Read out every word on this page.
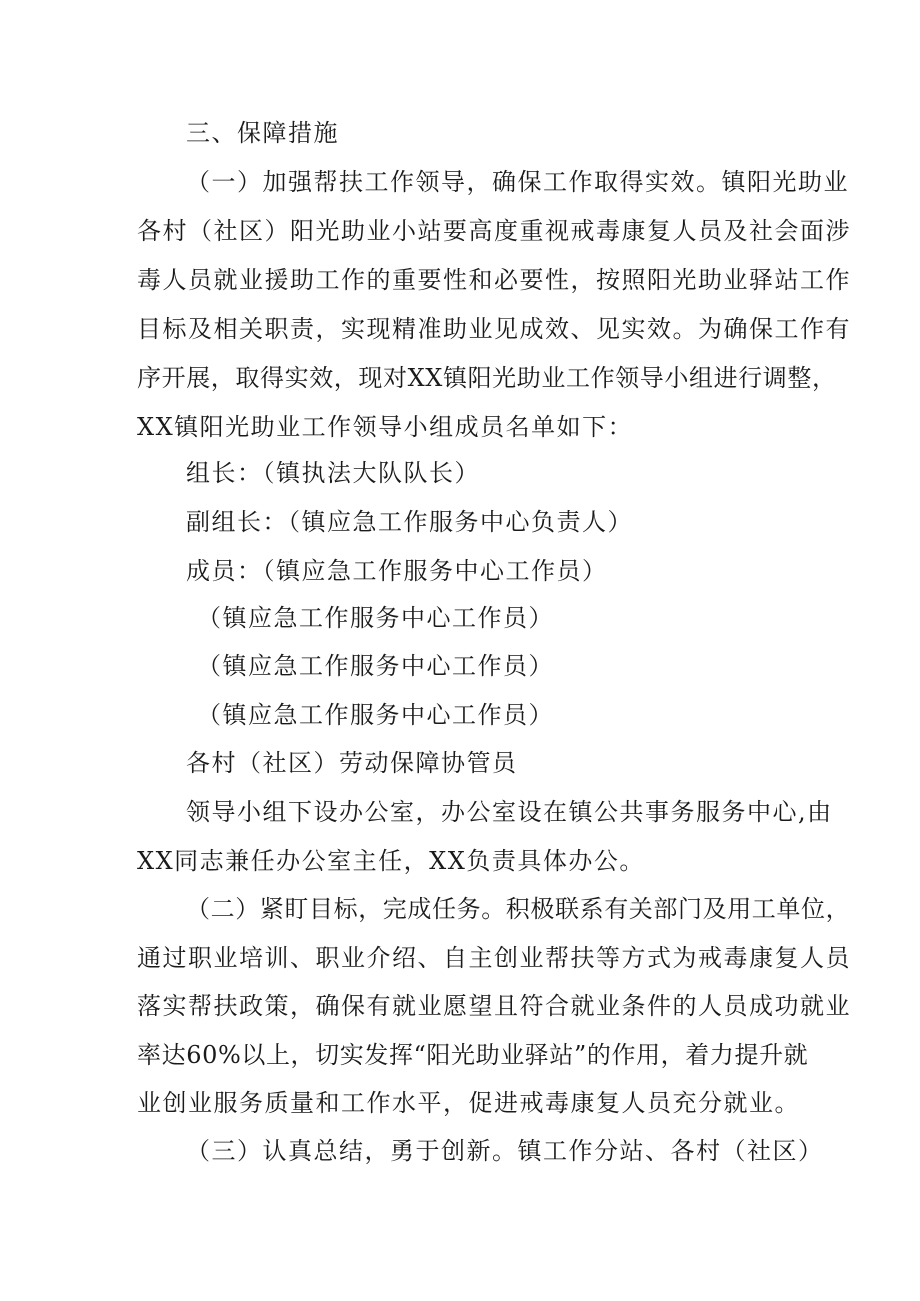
三、保障措施
（一）加强帮扶工作领导，确保工作取得实效。镇阳光助业
各村（社区）阳光助业小站要高度重视戒毒康复人员及社会面涉
毒人员就业援助工作的重要性和必要性，按照阳光助业驿站工作
目标及相关职责，实现精准助业见成效、见实效。为确保工作有
序开展，取得实效，现对XX镇阳光助业工作领导小组进行调整，
XX镇阳光助业工作领导小组成员名单如下：
组长：（镇执法大队队长）
副组长：（镇应急工作服务中心负责人）
成员：（镇应急工作服务中心工作员）
（镇应急工作服务中心工作员）
（镇应急工作服务中心工作员）
（镇应急工作服务中心工作员）
各村（社区）劳动保障协管员
领导小组下设办公室，办公室设在镇公共事务服务中心,由
XX同志兼任办公室主任，XX负责具体办公。
（二）紧盯目标，完成任务。积极联系有关部门及用工单位，
通过职业培训、职业介绍、自主创业帮扶等方式为戒毒康复人员
落实帮扶政策，确保有就业愿望且符合就业条件的人员成功就业
率达60%以上，切实发挥“阳光助业驿站”的作用，着力提升就
业创业服务质量和工作水平，促进戒毒康复人员充分就业。
（三）认真总结，勇于创新。镇工作分站、各村（社区）
